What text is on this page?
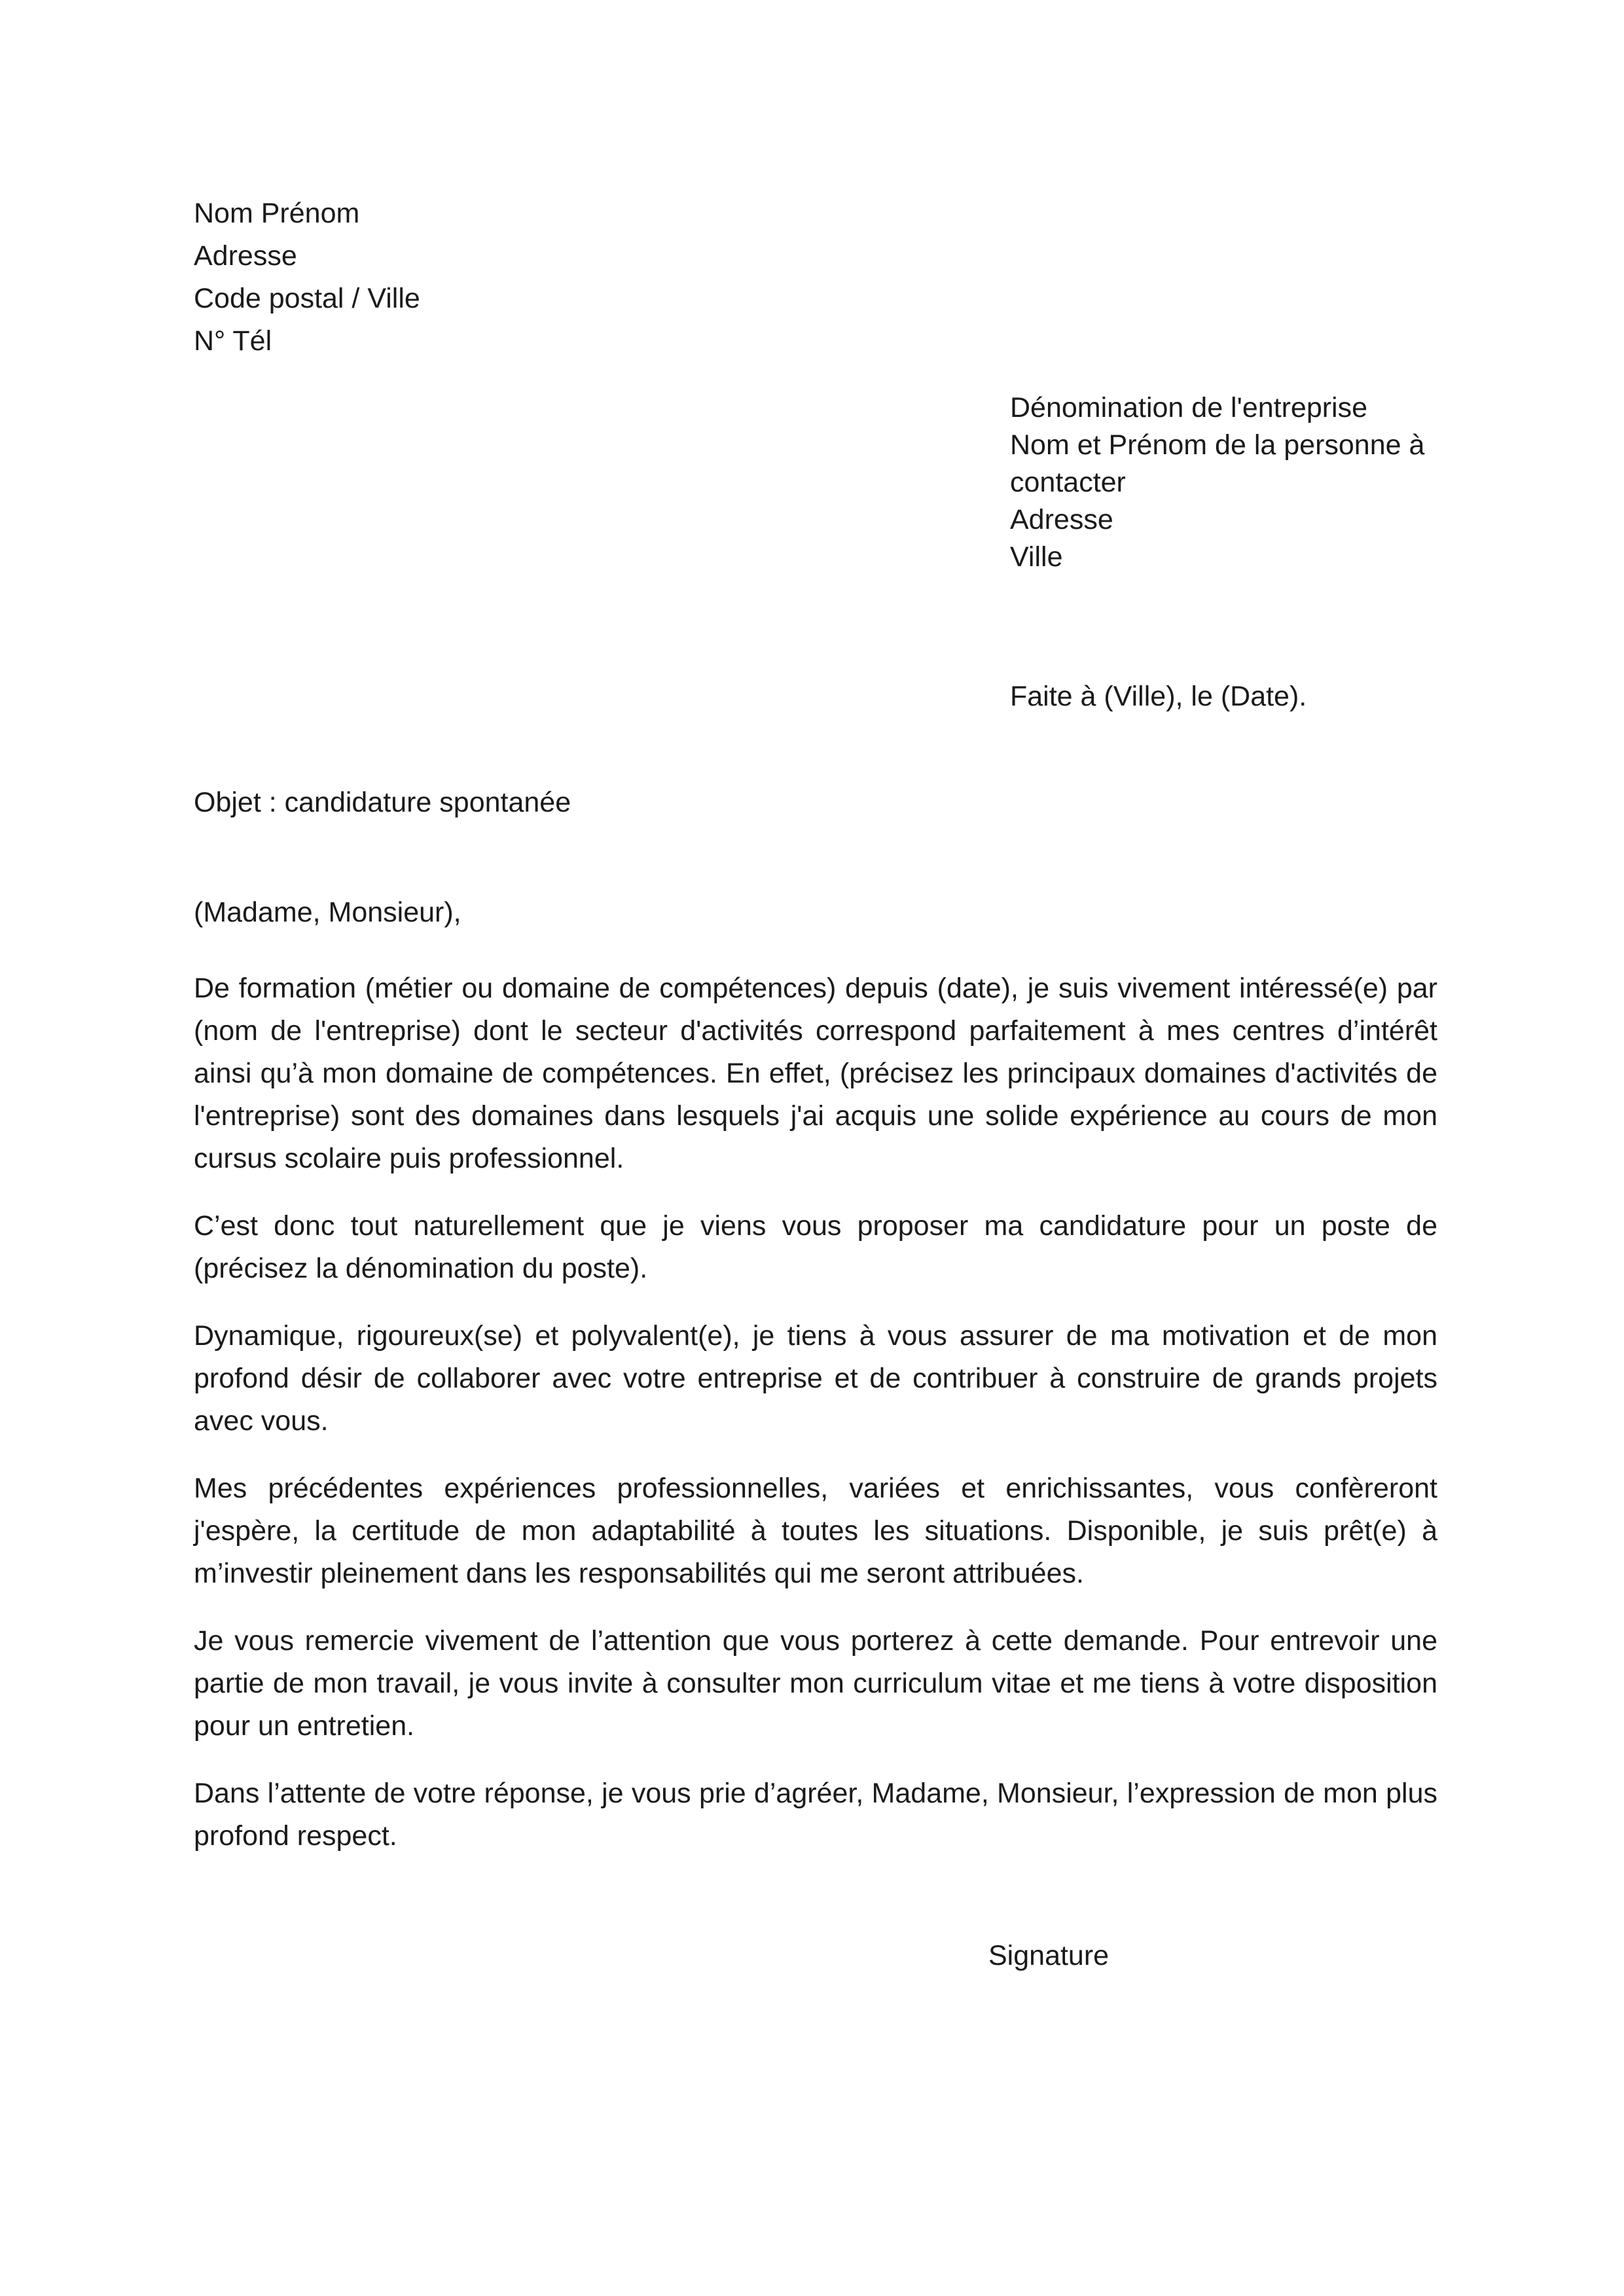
Nom Prénom
Adresse
Code postal / Ville
N° Tél
Dénomination de l'entreprise
Nom et Prénom de la personne à
contacter
Adresse
Ville
Faite à (Ville), le (Date).
Objet : candidature spontanée
(Madame, Monsieur),

De formation (métier ou domaine de compétences) depuis (date), je suis vivement intéressé(e) par (nom de l'entreprise) dont le secteur d'activités correspond parfaitement à mes centres d’intérêt ainsi qu’à mon domaine de compétences. En effet, (précisez les principaux domaines d'activités de l'entreprise) sont des domaines dans lesquels j'ai acquis une solide expérience au cours de mon cursus scolaire puis professionnel.

C’est donc tout naturellement que je viens vous proposer ma candidature pour un poste de (précisez la dénomination du poste).

Dynamique, rigoureux(se) et polyvalent(e), je tiens à vous assurer de ma motivation et de mon profond désir de collaborer avec votre entreprise et de contribuer à construire de grands projets avec vous.

Mes précédentes expériences professionnelles, variées et enrichissantes, vous confèreront j'espère, la certitude de mon adaptabilité à toutes les situations. Disponible, je suis prêt(e) à m’investir pleinement dans les responsabilités qui me seront attribuées.

Je vous remercie vivement de l’attention que vous porterez à cette demande. Pour entrevoir une partie de mon travail, je vous invite à consulter mon curriculum vitae et me tiens à votre disposition pour un entretien.

Dans l’attente de votre réponse, je vous prie d’agréer, Madame, Monsieur, l’expression de mon plus profond respect.

Signature
